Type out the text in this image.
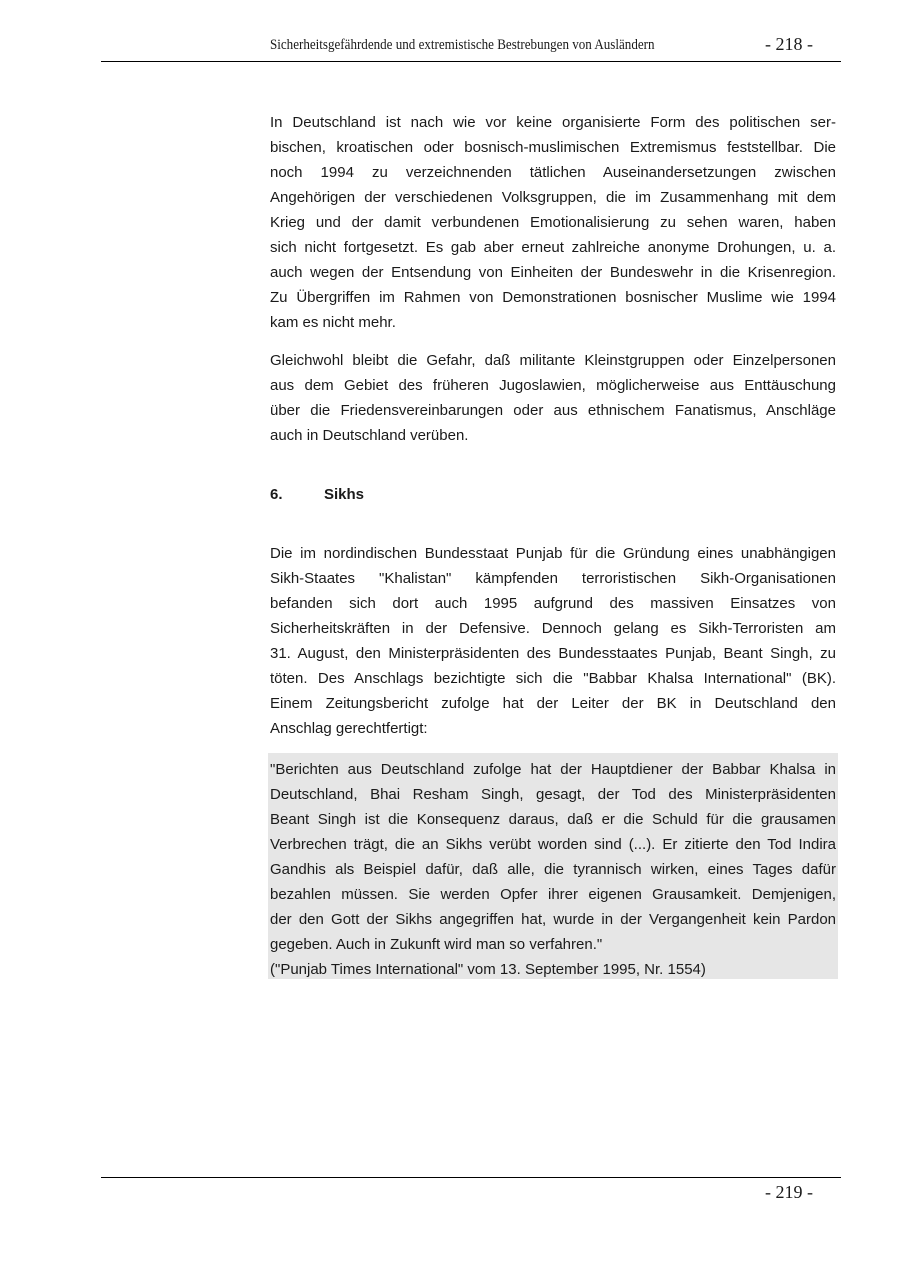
Sicherheitsgefährdende und extremistische Bestrebungen von Ausländern	- 218 -
In Deutschland ist nach wie vor keine organisierte Form des politischen ser-
bischen, kroatischen oder bosnisch-muslimischen Extremismus feststellbar. Die
noch 1994 zu verzeichnenden tätlichen Auseinandersetzungen zwischen
Angehörigen der verschiedenen Volksgruppen, die im Zusammenhang mit dem
Krieg und der damit verbundenen Emotionalisierung zu sehen waren, haben
sich nicht fortgesetzt. Es gab aber erneut zahlreiche anonyme Drohungen, u. a.
auch wegen der Entsendung von Einheiten der Bundeswehr in die Krisenregion.
Zu Übergriffen im Rahmen von Demonstrationen bosnischer Muslime wie 1994
kam es nicht mehr.
Gleichwohl bleibt die Gefahr, daß militante Kleinstgruppen oder Einzelpersonen
aus dem Gebiet des früheren Jugoslawien, möglicherweise aus Enttäuschung
über die Friedensvereinbarungen oder aus ethnischem Fanatismus, Anschläge
auch in Deutschland verüben.
6.	Sikhs
Die im nordindischen Bundesstaat Punjab für die Gründung eines unabhängigen
Sikh-Staates "Khalistan" kämpfenden terroristischen Sikh-Organisationen
befanden sich dort auch 1995 aufgrund des massiven Einsatzes von
Sicherheitskräften in der Defensive. Dennoch gelang es Sikh-Terroristen am
31. August, den Ministerpräsidenten des Bundesstaates Punjab, Beant Singh, zu
töten. Des Anschlags bezichtigte sich die "Babbar Khalsa International" (BK).
Einem Zeitungsbericht zufolge hat der Leiter der BK in Deutschland den
Anschlag gerechtfertigt:
"Berichten aus Deutschland zufolge hat der Hauptdiener der Babbar Khalsa in
Deutschland, Bhai Resham Singh, gesagt, der Tod des Ministerpräsidenten
Beant Singh ist die Konsequenz daraus, daß er die Schuld für die grausamen
Verbrechen trägt, die an Sikhs verübt worden sind (...). Er zitierte den Tod Indira
Gandhis als Beispiel dafür, daß alle, die tyrannisch wirken, eines Tages dafür
bezahlen müssen. Sie werden Opfer ihrer eigenen Grausamkeit. Demjenigen,
der den Gott der Sikhs angegriffen hat, wurde in der Vergangenheit kein Pardon
gegeben. Auch in Zukunft wird man so verfahren."
("Punjab Times International" vom 13. September 1995, Nr. 1554)
- 219 -
